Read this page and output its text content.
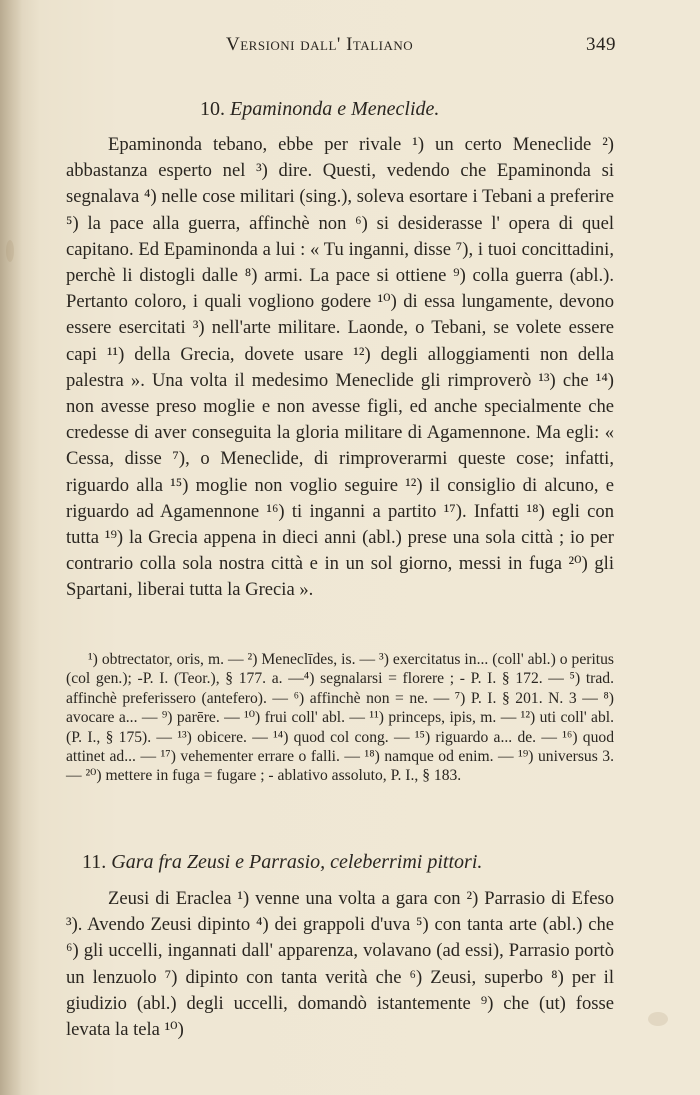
Versioni dall' Italiano	349
10. Epaminonda e Meneclide.

Epaminonda tebano, ebbe per rivale ¹) un certo Meneclide ²) abbastanza esperto nel ³) dire. Questi, vedendo che Epaminonda si segnalava ⁴) nelle cose militari (sing.), soleva esortare i Tebani a preferire ⁵) la pace alla guerra, affinchè non ⁶) si desiderasse l' opera di quel capitano. Ed Epaminonda a lui : « Tu inganni, disse ⁷), i tuoi concittadini, perchè li distogli dalle ⁸) armi. La pace si ottiene ⁹) colla guerra (abl.). Pertanto coloro, i quali vogliono godere ¹⁰) di essa lungamente, devono essere esercitati ³) nell'arte militare. Laonde, o Tebani, se volete essere capi ¹¹) della Grecia, dovete usare ¹²) degli alloggiamenti non della palestra ». Una volta il medesimo Meneclide gli rimproverò ¹³) che ¹⁴) non avesse preso moglie e non avesse figli, ed anche specialmente che credesse di aver conseguita la gloria militare di Agamennone. Ma egli: « Cessa, disse ⁷), o Meneclide, di rimproverarmi queste cose; infatti, riguardo alla ¹⁵) moglie non voglio seguire ¹²) il consiglio di alcuno, e riguardo ad Agamennone ¹⁶) ti inganni a partito ¹⁷). Infatti ¹⁸) egli con tutta ¹⁹) la Grecia appena in dieci anni (abl.) prese una sola città ; io per contrario colla sola nostra città e in un sol giorno, messi in fuga ²⁰) gli Spartani, liberai tutta la Grecia ».

¹) obtrectator, oris, m. — ²) Meneclīdes, is. — ³) exercitatus in... (coll' abl.) o peritus (col gen.); -P. I. (Teor.), § 177. a. —⁴) segnalarsi = florere ; - P. I. § 172. — ⁵) trad. affinchè preferissero (antefero). — ⁶) affinchè non = ne. — ⁷) P. I. § 201. N. 3 — ⁸) avocare a... — ⁹) parēre. — ¹⁰) frui coll' abl. — ¹¹) princeps, ipis, m. — ¹²) uti coll' abl. (P. I., § 175). — ¹³) obicere. — ¹⁴) quod col cong. — ¹⁵) riguardo a... de. — ¹⁶) quod attinet ad... — ¹⁷) vehementer errare o falli. — ¹⁸) namque od enim. — ¹⁹) universus 3. — ²⁰) mettere in fuga = fugare ; - ablativo assoluto, P. I., § 183.

11. Gara fra Zeusi e Parrasio, celeberrimi pittori.

Zeusi di Eraclea ¹) venne una volta a gara con ²) Parrasio di Efeso ³). Avendo Zeusi dipinto ⁴) dei grappoli d'uva ⁵) con tanta arte (abl.) che ⁶) gli uccelli, ingannati dall' apparenza, volavano (ad essi), Parrasio portò un lenzuolo ⁷) dipinto con tanta verità che ⁶) Zeusi, superbo ⁸) per il giudizio (abl.) degli uccelli, domandò istantemente ⁹) che (ut) fosse levata la tela ¹⁰)
